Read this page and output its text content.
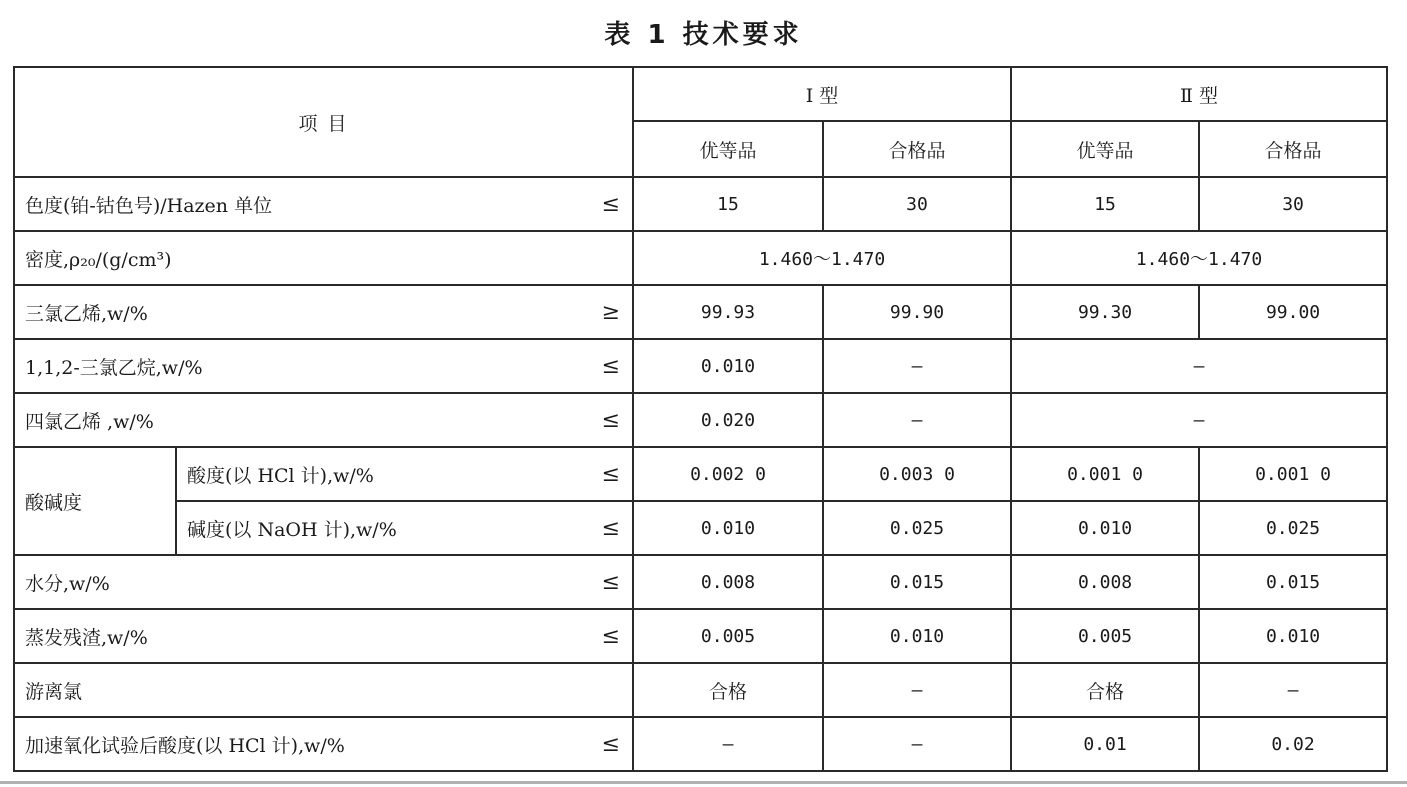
表 1 技术要求
项 目		Ⅰ 型		Ⅱ 型	
		优等品	合格品	优等品	合格品

色度(铂-钴色号)/Hazen 单位 ≤		15	30	15	30

密度,ρ₂₀/(g/cm³)		1.460～1.470		1.460～1.470	

三氯乙烯,w/% ≥		99.93	99.90	99.30	99.00

1,1,2-三氯乙烷,w/% ≤		0.010	—	—	

四氯乙烯 ,w/% ≤		0.020	—	—	
酸碱度	酸度(以 HCl 计),w/% ≤	0.002 0	0.003 0	0.001 0	0.001 0

	碱度(以 NaOH 计),w/% ≤	0.010	0.025	0.010	0.025

水分,w/% ≤		0.008	0.015	0.008	0.015

蒸发残渣,w/% ≤		0.005	0.010	0.005	0.010

游离氯		合格	—	合格	—

加速氧化试验后酸度(以 HCl 计),w/% ≤		—	—	0.01	0.02
